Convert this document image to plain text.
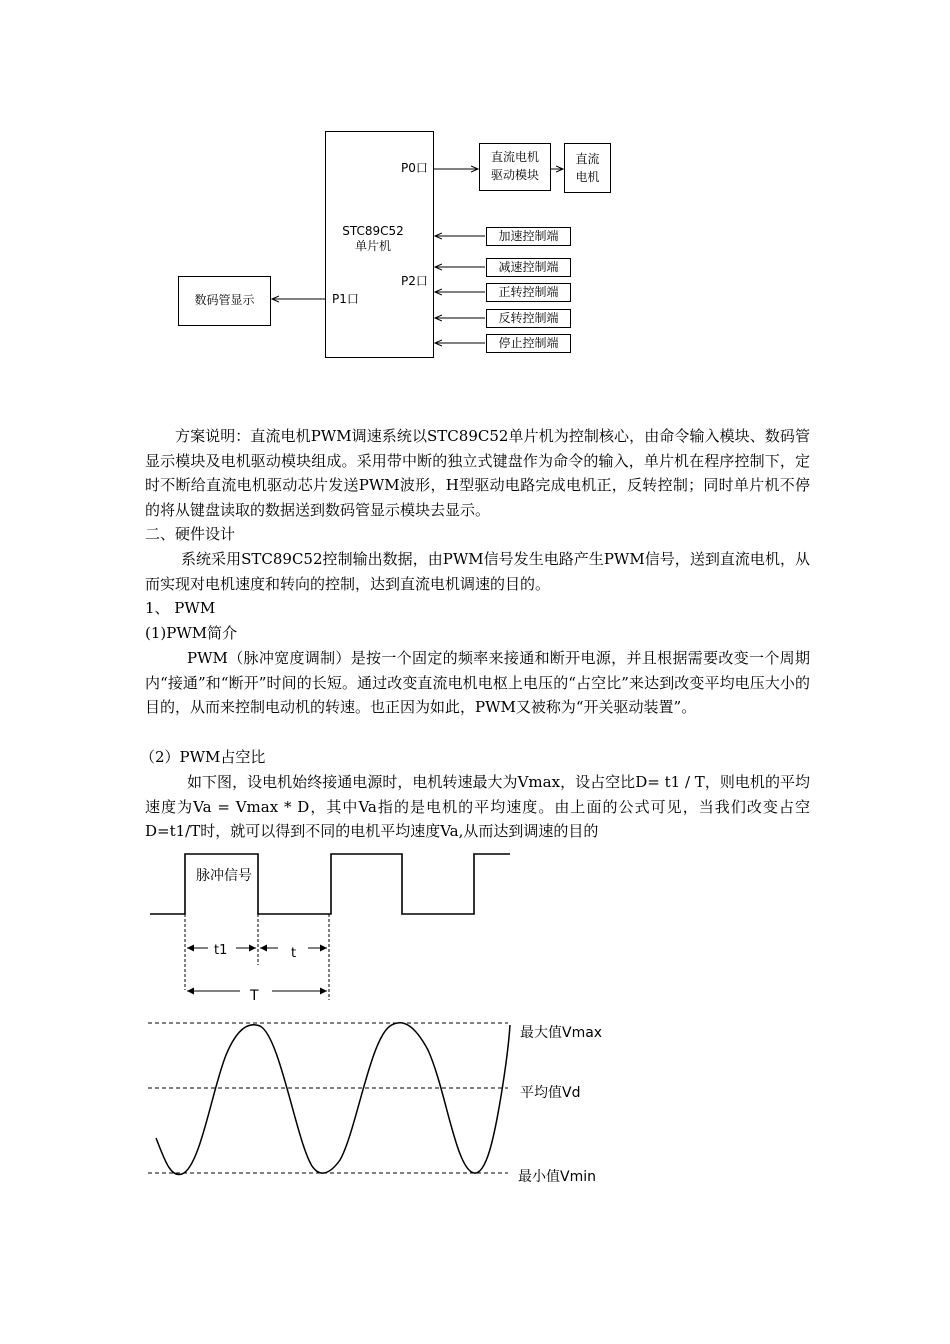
STC89C52
单片机
P0口
P2口
P1口
直流电机
驱动模块
直流
电机
数码管显示
加速控制端
减速控制端
正转控制端
反转控制端
停止控制端
方案说明：直流电机PWM调速系统以STC89C52单片机为控制核心，由命令输入模块、数码管显示模块及电机驱动模块组成。采用带中断的独立式键盘作为命令的输入，单片机在程序控制下，定时不断给直流电机驱动芯片发送PWM波形，H型驱动电路完成电机正，反转控制；同时单片机不停的将从键盘读取的数据送到数码管显示模块去显示。
二、硬件设计
系统采用STC89C52控制输出数据，由PWM信号发生电路产生PWM信号，送到直流电机，从而实现对电机速度和转向的控制，达到直流电机调速的目的。
1、 PWM
(1)PWM简介
PWM（脉冲宽度调制）是按一个固定的频率来接通和断开电源，并且根据需要改变一个周期内“接通”和“断开”时间的长短。通过改变直流电机电枢上电压的“占空比”来达到改变平均电压大小的目的，从而来控制电动机的转速。也正因为如此，PWM又被称为“开关驱动装置”。
（2）PWM占空比
如下图，设电机始终接通电源时，电机转速最大为Vmax，设占空比D= t1 / T，则电机的平均速度为Va = Vmax * D，其中Va指的是电机的平均速度。由上面的公式可见，当我们改变占空D=t1/T时，就可以得到不同的电机平均速度Va,从而达到调速的目的
脉冲信号
t1	t
T
最大值Vmax
平均值Vd
最小值Vmin
